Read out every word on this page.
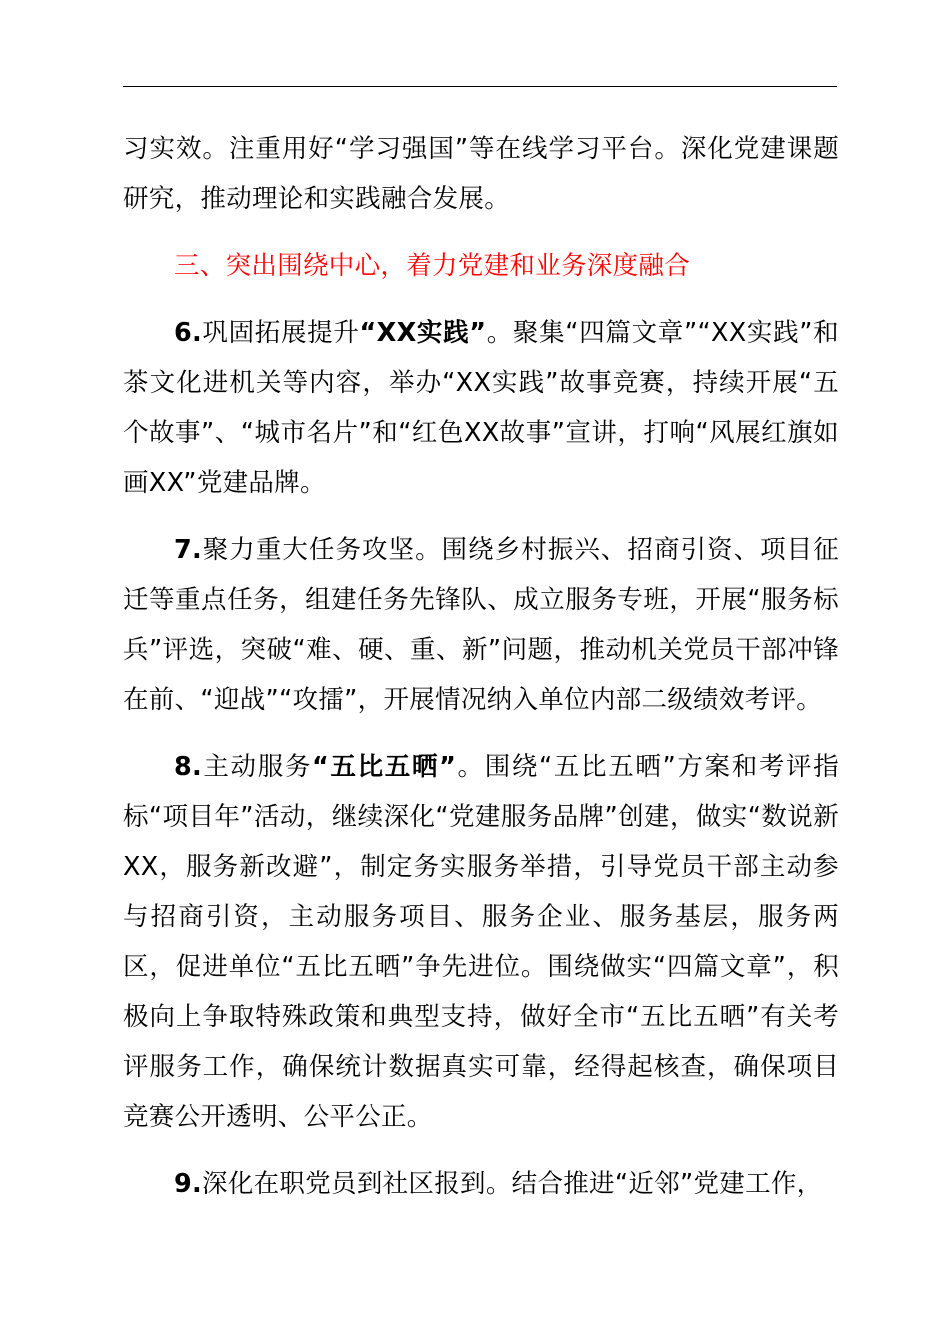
习实效。注重用好“学习强国”等在线学习平台。深化党建课题研究，推动理论和实践融合发展。

三、突出围绕中心，着力党建和业务深度融合

6.巩固拓展提升“XX实践”。聚集“四篇文章”“XX实践”和茶文化进机关等内容，举办“XX实践”故事竞赛，持续开展“五个故事”、“城市名片”和“红色XX故事”宣讲，打响“风展红旗如画XX”党建品牌。

7.聚力重大任务攻坚。围绕乡村振兴、招商引资、项目征迁等重点任务，组建任务先锋队、成立服务专班，开展“服务标兵”评选，突破“难、硬、重、新”问题，推动机关党员干部冲锋在前、“迎战”“攻擂”，开展情况纳入单位内部二级绩效考评。

8.主动服务“五比五晒”。围绕“五比五晒”方案和考评指标“项目年”活动，继续深化“党建服务品牌”创建，做实“数说新XX，服务新改避”，制定务实服务举措，引导党员干部主动参与招商引资，主动服务项目、服务企业、服务基层，服务两区，促进单位“五比五晒”争先进位。围绕做实“四篇文章”，积极向上争取特殊政策和典型支持，做好全市“五比五晒”有关考评服务工作，确保统计数据真实可靠，经得起核查，确保项目竞赛公开透明、公平公正。

9.深化在职党员到社区报到。结合推进“近邻”党建工作，
